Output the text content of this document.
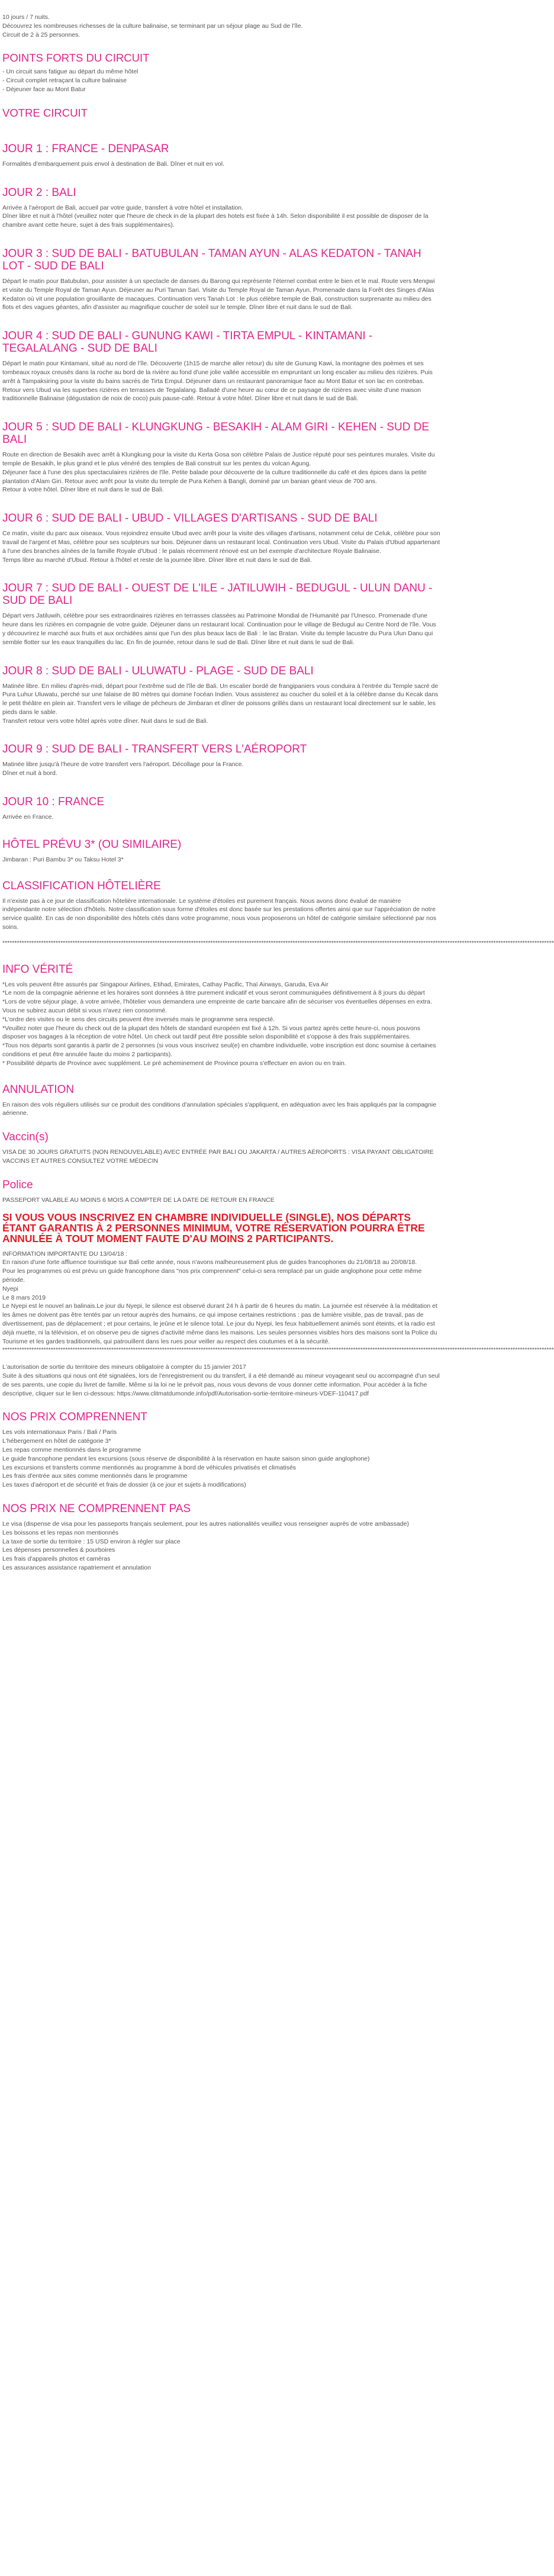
10 jours / 7 nuits.

Découvrez les nombreuses richesses de la culture balinaise, se terminant par un séjour plage au Sud de l'île.

Circuit de 2 à 25 personnes.

POINTS FORTS DU CIRCUIT
- Un circuit sans fatigue au départ du même hôtel
- Circuit complet retraçant la culture balinaise
- Déjeuner face au Mont Batur
VOTRE CIRCUIT
JOUR 1 : FRANCE - DENPASAR
Formalités d'embarquement puis envol à destination de Bali. Dîner et nuit en vol.
JOUR 2 : BALI
Arrivée à l'aéroport de Bali, accueil par votre guide, transfert à votre hôtel et installation.
Dîner libre et nuit à l'hôtel (veuillez noter que l'heure de check in de la plupart des hotels est fixée à 14h. Selon disponibilité il est possible de disposer de la chambre avant cette heure, sujet à des frais supplémentaires).
JOUR 3 : SUD DE BALI - BATUBULAN - TAMAN AYUN - ALAS KEDATON - TANAH LOT - SUD DE BALI
Départ le matin pour Batubulan, pour assister à un spectacle de danses du Barong qui représente l'éternel combat entre le bien et le mal. Route vers Mengwi et visite du Temple Royal de Taman Ayun. Déjeuner au Puri Taman Sari. Visite du Temple Royal de Taman Ayun. Promenade dans la Forêt des Singes d'Alas Kedaton où vit une population grouillante de macaques. Continuation vers Tanah Lot : le plus célèbre temple de Bali, construction surprenante au milieu des flots et des vagues géantes, afin d'assister au magnifique coucher de soleil sur le temple. Dîner libre et nuit dans le sud de Bali.
JOUR 4 : SUD DE BALI - GUNUNG KAWI - TIRTA EMPUL - KINTAMANI - TEGALALANG - SUD DE BALI
Départ le matin pour Kintamani, situé au nord de l'île. Découverte (1h15 de marche aller retour) du site de Gunung Kawi, la montagne des poèmes et ses tombeaux royaux creusés dans la roche au bord de la rivière au fond d'une jolie vallée accessible en empruntant un long escalier au milieu des rizières. Puis arrêt à Tampaksiring pour la visite du bains sacrés de Tirta Empul. Déjeuner dans un restaurant panoramique face au Mont Batur et son lac en contrebas. Retour vers Ubud via les superbes rizières en terrasses de Tegalalang. Balladé d'une heure au cœur de ce paysage de rizières avec visite d'une maison traditionnelle Balinaise (dégustation de noix de coco) puis pause-café. Retour à votre hôtel. Dîner libre et nuit dans le sud de Bali.
JOUR 5 : SUD DE BALI - KLUNGKUNG - BESAKIH - ALAM GIRI - KEHEN - SUD DE BALI
Route en direction de Besakih avec arrêt à Klungkung pour la visite du Kerta Gosa son célèbre Palais de Justice réputé pour ses peintures murales. Visite du temple de Besakih, le plus grand et le plus vénéré des temples de Bali construit sur les pentes du volcan Agung.
Déjeuner face à l'une des plus spectaculaires rizières de l'île. Petite balade pour découverte de la culture traditionnelle du café et des épices dans la petite plantation d'Alam Giri. Retour avec arrêt pour la visite du temple de Pura Kehen à Bangli, dominé par un banian géant vieux de 700 ans.
Retour à votre hôtel. Dîner libre et nuit dans le sud de Bali.
JOUR 6 : SUD DE BALI - UBUD - VILLAGES D'ARTISANS - SUD DE BALI
Ce matin, visite du parc aux oiseaux. Vous rejoindrez ensuite Ubud avec arrêt pour la visite des villages d'artisans, notamment celui de Celuk, célèbre pour son travail de l'argent et Mas, célèbre pour ses sculpteurs sur bois. Déjeuner dans un restaurant local. Continuation vers Ubud. Visite du Palais d'Ubud appartenant à l'une des branches aînées de la famille Royale d'Ubud : le palais récemment rénové est un bel exemple d'architecture Royale Balinaise.
Temps libre au marché d'Ubud. Retour à l'hôtel et reste de la journée libre. Dîner libre et nuit dans le sud de Bali.
JOUR 7 : SUD DE BALI - OUEST DE L'ILE - JATILUWIH - BEDUGUL - ULUN DANU - SUD DE BALI
Départ vers Jatiluwih, célèbre pour ses extraordinaires rizières en terrasses classées au Patrimoine Mondial de l'Humanité par l'Unesco. Promenade d'une heure dans les rizières en compagnie de votre guide. Déjeuner dans un restaurant local. Continuation pour le village de Bedugul au Centre Nord de l'île. Vous y découvrirez le marché aux fruits et aux orchidées ainsi que l'un des plus beaux lacs de Bali : le lac Bratan. Visite du temple lacustre du Pura Ulun Danu qui semble flotter sur les eaux tranquilles du lac. En fin de journée, retour dans le sud de Bali. Dîner libre et nuit dans le sud de Bali.
JOUR 8 : SUD DE BALI - ULUWATU - PLAGE - SUD DE BALI
Matinée libre. En milieu d'après-midi, départ pour l'extrême sud de l'île de Bali. Un escalier bordé de frangipaniers vous conduira à l'entrée du Temple sacré de Pura Luhur Uluwatu, perché sur une falaise de 80 mètres qui domine l'océan Indien. Vous assisterez au coucher du soleil et à la célèbre danse du Kecak dans le petit théâtre en plein air. Transfert vers le village de pêcheurs de Jimbaran et dîner de poissons grillés dans un restaurant local directement sur le sable, les pieds dans le sable.
Transfert retour vers votre hôtel après votre dîner. Nuit dans le sud de Bali.
JOUR 9 : SUD DE BALI - TRANSFERT VERS L'AÉROPORT
Matinée libre jusqu'à l'heure de votre transfert vers l'aéroport. Décollage pour la France.
Dîner et nuit à bord.
JOUR 10 : FRANCE
Arrivée en France.
HÔTEL PRÉVU 3* (OU SIMILAIRE)

Jimbaran : Puri Bambu 3* ou Taksu Hotel 3*

CLASSIFICATION HÔTELIÈRE

Il n'existe pas à ce jour de classification hôtelière internationale. Le système d'étoiles est purement français. Nous avons donc évalué de manière indépendante notre sélection d'hôtels. Notre classification sous forme d'étoiles est donc basée sur les prestations offertes ainsi que sur l'appréciation de notre service qualité. En cas de non disponibilité des hôtels cités dans votre programme, nous vous proposerons un hôtel de catégorie similaire sélectionné par nos soins.

************************************************************************************************************************************************************************************************************************************
INFO VÉRITÉ
*Les vols peuvent être assurés par Singapour Airlines, Etihad, Emirates, Cathay Pacific, Thaï Airways, Garuda, Eva Air
*Le nom de la compagnie aérienne et les horaires sont données à titre purement indicatif et vous seront communiquées définitivement à 8 jours du départ
*Lors de votre séjour plage, à votre arrivée, l'hôtelier vous demandera une empreinte de carte bancaire afin de sécuriser vos éventuelles dépenses en extra. Vous ne subirez aucun débit si vous n'avez rien consommé.
*L'ordre des visites ou le sens des circuits peuvent être inversés mais le programme sera respecté.
*Veuillez noter que l'heure du check out de la plupart des hôtels de standard européen est fixé à 12h. Si vous partez après cette heure-ci, nous pouvons disposer vos bagages à la réception de votre hôtel. Un check out tardif peut être possible selon disponibilité et s'oppose à des frais supplémentaires.
*Tous nos départs sont garantis à partir de 2 personnes (si vous vous inscrivez seul(e) en chambre individuelle, votre inscription est donc soumise à certaines conditions et peut être annulée faute du moins 2 participants).
* Possibilité départs de Province avec supplément. Le pré acheminement de Province pourra s'effectuer en avion ou en train.
ANNULATION

En raison des vols réguliers utilisés sur ce produit des conditions d'annulation spéciales s'appliquent, en adéquation avec les frais appliqués par la compagnie aérienne.

Vaccin(s)

VISA DE 30 JOURS GRATUITS (NON RENOUVELABLE) AVEC ENTRÉE PAR BALI OU JAKARTA / AUTRES AÉROPORTS : VISA PAYANT OBLIGATOIRE VACCINS ET AUTRES CONSULTEZ VOTRE MÉDECIN

Police

PASSEPORT VALABLE AU MOINS 6 MOIS A COMPTER DE LA DATE DE RETOUR EN FRANCE

SI VOUS VOUS INSCRIVEZ EN CHAMBRE INDIVIDUELLE (SINGLE), NOS DÉPARTS ÉTANT GARANTIS À 2 PERSONNES MINIMUM, VOTRE RÉSERVATION POURRA ÊTRE ANNULÉE À TOUT MOMENT FAUTE D'AU MOINS 2 PARTICIPANTS.
INFORMATION IMPORTANTE DU 13/04/18 :
En raison d'une forte affluence touristique sur Bali cette année, nous n'avons malheureusement plus de guides francophones du 21/08/18 au 20/08/18.
Pour les programmes où est prévu un guide francophone dans "nos prix comprennent" celui-ci sera remplacé par un guide anglophone pour cette même période.
Nyepi
Le 8 mars 2019
Le Nyepi est le nouvel an balinais.Le jour du Nyepi, le silence est observé durant 24 h à partir de 6 heures du matin. La journée est réservée à la méditation et les âmes ne doivent pas être tentés par un retour auprès des humains, ce qui impose certaines restrictions : pas de lumière visible, pas de travail, pas de divertissement, pas de déplacement ; et pour certains, le jeûne et le silence total. Le jour du Nyepi, les feux habituellement animés sont éteints, et la radio est déjà muette, ni la télévision, et on observe peu de signes d'activité même dans les maisons. Les seules personnes visibles hors des maisons sont la Police du Tourisme et les gardes traditionnels, qui patrouillent dans les rues pour veiller au respect des coutumes et à la sécurité.
************************************************************************************************************************************************************************************************************************************
L'autorisation de sortie du territoire des mineurs obligatoire à compter du 15 janvier 2017
Suite à des situations qui nous ont été signalées, lors de l'enregistrement ou du transfert, il a été demandé au mineur voyageant seul ou accompagné d'un seul de ses parents, une copie du livret de famille. Même si la loi ne le prévoit pas, nous vous devons de vous donner cette information. Pour accéder à la fiche descriptive, cliquer sur le lien ci-dessous: https://www.clitmatdumonde.info/pdf/Autorisation-sortie-territoire-mineurs-VDEF-110417.pdf
NOS PRIX COMPRENNENT
Les vols internationaux Paris / Bali / Paris
L'hébergement en hôtel de catégorie 3*
Les repas comme mentionnés dans le programme
Le guide francophone pendant les excursions (sous réserve de disponibilité à la réservation en haute saison sinon guide anglophone)
Les excursions et transferts comme mentionnés au programme à bord de véhicules privatisés et climatisés
Les frais d'entrée aux sites comme mentionnés dans le programme
Les taxes d'aéroport et de sécurité et frais de dossier (à ce jour et sujets à modifications)
NOS PRIX NE COMPRENNENT PAS
Le visa (dispense de visa pour les passeports français seulement, pour les autres nationalités veuillez vous renseigner auprès de votre ambassade)
Les boissons et les repas non mentionnés
La taxe de sortie du territoire : 15 USD environ à régler sur place
Les dépenses personnelles & pourboires
Les frais d'appareils photos et caméras
Les assurances assistance rapatriement et annulation
